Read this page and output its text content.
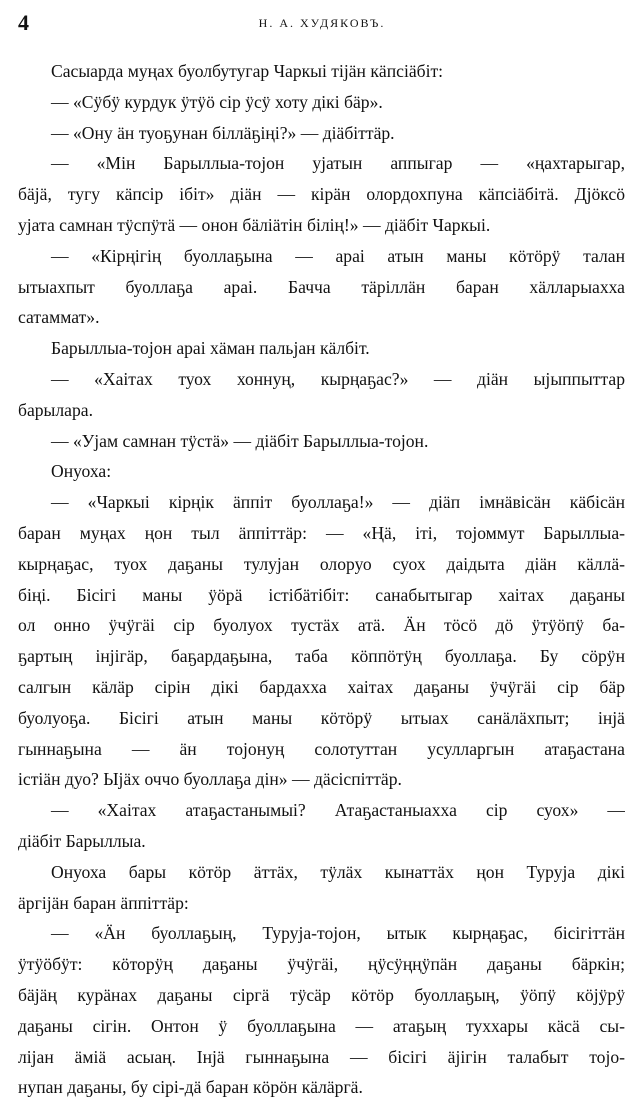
4	Н. А. ХУДЯКОВЪ.
Сасыарда муңах буолбутугар Чаркыі тіјӓн кӓпсіӓбіт:
— «Сӱбӱ курдук ӱтӱӧ сір ӱсӱ хоту дікі бӓр».
— «Ону ӓн туоҕунан біллӓҕіңі?» — діӓбіттӓр.
— «Мін Барыллыа-тојон ујатын аппыгар — «ңахтарыгар,
бӓјӓ, тугу кӓпсір ібіт» діӓн — кірӓн олордохпуна кӓпсіӓбітӓ. Дјӧксӧ
ујата самнан тӱспӱтӓ — онон бӓліӓтін білің!» — діӓбіт Чаркыі.
— «Кірңігің буоллаҕына — араі атын маны кӧтӧрӱ талан
ытыахпыт буоллаҕа арaі. Баччa тӓріллӓн баран хӓлларыахха
сатаммат».
Барыллыа-тојон арaі хӓман пальјан кӓлбіт.
— «Хаітах туох хоннуң, кырңаҕас?» — діӓн ыјыппыттар
барылара.
— «Ујам самнан тӱстӓ» — діӓбіт Барыллыа-тојон.
Онуоха:
— «Чаркыі кірңік ӓппіт буоллаҕа!» — діӓп імнӓвісӓн кӓбісӓн
баран муңах ңон тыл ӓппіттӓр: — «Ңӓ, іті, тојоммут Барыллыа-
кырңаҕас, туох даҕаны тулујан олоруо суох даідыта діӓн кӓллӓ-
біңі. Бісігі маны ӱӧрӓ істібӓтібіт: санабытыгар хаітах даҕаны
ол онно ӱчӱгӓі сір буолуох тустӓх атӓ. Ӓн тӧсӧ дӧ ӱтӱӧпӱ ба-
ҕартың інјігӓр, баҕардаҕына, таба кӧппӧтӱң буоллаҕа. Бу сӧрӱн
салгын кӓлӓр сірін дікі бардахха хаітах даҕаны ӱчӱгӓі сір бӓр
буолуоҕа. Бісігі атын маны кӧтӧрӱ ытыах санӓлӓхпыт; інјӓ
гыннаҕына — ӓн тојонуң солотуттан усулларгын атаҕастана
істіӓн дуо? Ыјӓх оччо буоллаҕа дін» — дӓсіспіттӓр.
— «Хаітах атаҕастанымыі? Атаҕастаныахха сір суох» —
діӓбіт Барыллыа.
Онуоха бары кӧтӧр ӓттӓх, тӱлӓх кынаттӓх ңон Туруја дікі
ӓргіјӓн баран ӓппіттӓр:
— «Ӓн буоллаҕың, Туруја-тојон, ытык кырңаҕас, бісігіттӓн
ӱтӱӧбӱт: кӧторӱң даҕаны ӱчӱгӓі, ңӱсӱңңӱпӓн даҕаны бӓркін;
бӓјӓң курӓнах даҕаны сіргӓ тӱсӓр кӧтӧр буоллаҕың, ӱӧпӱ кӧјӱрӱ
даҕаны сігін. Онтон ӱ буоллаҕына — атаҕың туххары кӓсӓ сы-
ліјан ӓміӓ асыаң. Інјӓ гыннаҕына — бісігі ӓјігін талабыт тојо-
нупан даҕаны, бу сірі-дӓ баран кӧрӧн кӓлӓргӓ.
